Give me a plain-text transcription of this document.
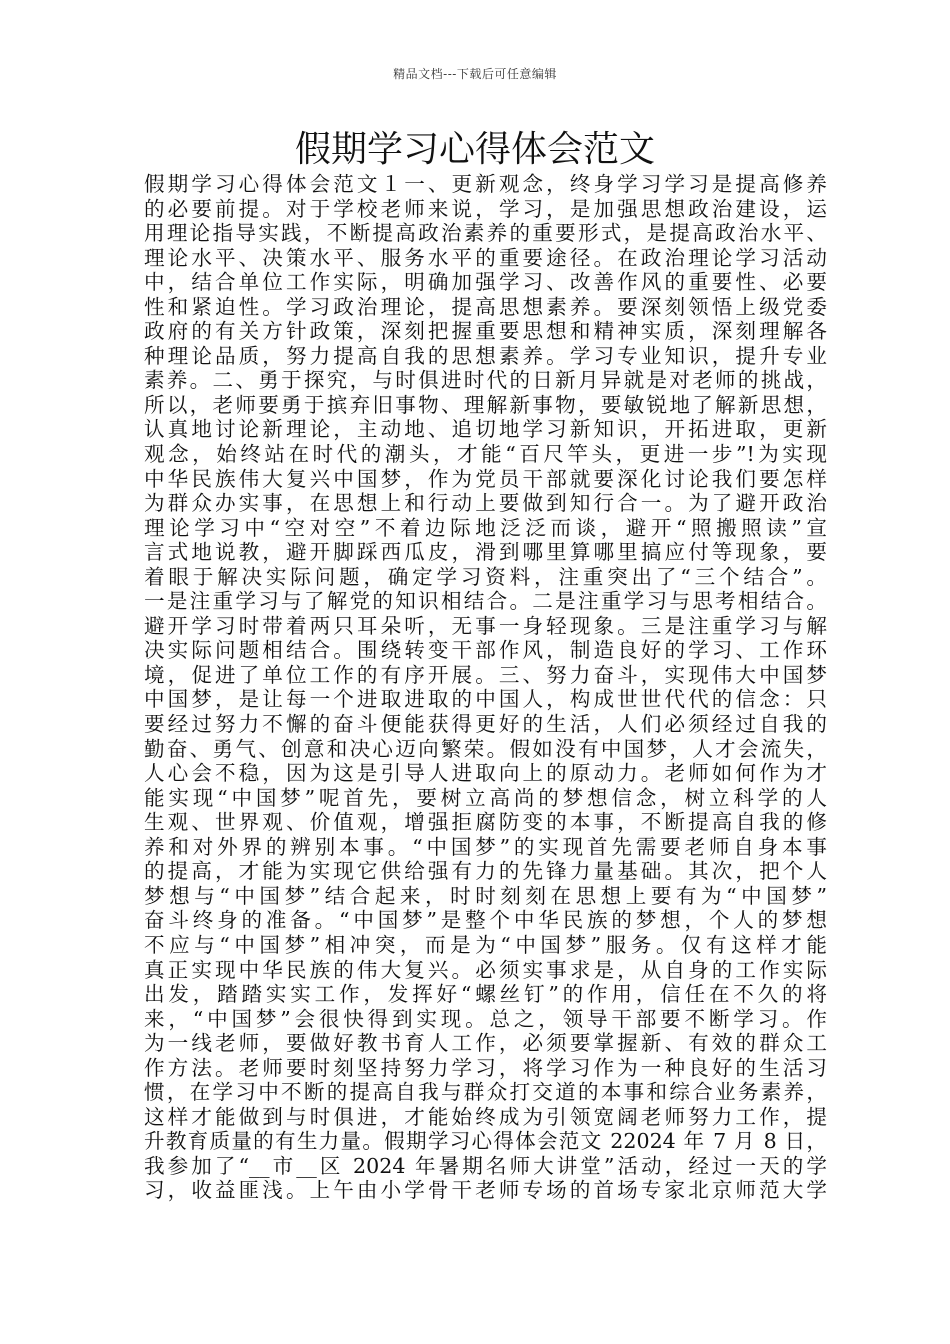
精品文档---下载后可任意编辑
假期学习心得体会范文
假期学习心得体会范文１一、更新观念，终身学习学习是提高修养
的必要前提。对于学校老师来说，学习，是加强思想政治建设，运
用理论指导实践，不断提高政治素养的重要形式，是提高政治水平、
理论水平、决策水平、服务水平的重要途径。在政治理论学习活动
中，结合单位工作实际，明确加强学习、改善作风的重要性、必要
性和紧迫性。学习政治理论，提高思想素养。要深刻领悟上级党委
政府的有关方针政策，深刻把握重要思想和精神实质，深刻理解各
种理论品质，努力提高自我的思想素养。学习专业知识，提升专业
素养。二、勇于探究，与时俱进时代的日新月异就是对老师的挑战，
所以，老师要勇于摈弃旧事物、理解新事物，要敏锐地了解新思想，
认真地讨论新理论，主动地、追切地学习新知识，开拓进取，更新
观念，始终站在时代的潮头，才能“百尺竿头，更进一步”!为实现
中华民族伟大复兴中国梦，作为党员干部就要深化讨论我们要怎样
为群众办实事，在思想上和行动上要做到知行合一。为了避开政治
理论学习中“空对空”不着边际地泛泛而谈，避开“照搬照读”宣
言式地说教，避开脚踩西瓜皮，滑到哪里算哪里搞应付等现象，要
着眼于解决实际问题，确定学习资料，注重突出了“三个结合”。
一是注重学习与了解党的知识相结合。二是注重学习与思考相结合。
避开学习时带着两只耳朵听，无事一身轻现象。三是注重学习与解
决实际问题相结合。围绕转变干部作风，制造良好的学习、工作环
境，促进了单位工作的有序开展。三、努力奋斗，实现伟大中国梦
中国梦，是让每一个进取进取的中国人，构成世世代代的信念：只
要经过努力不懈的奋斗便能获得更好的生活，人们必须经过自我的
勤奋、勇气、创意和决心迈向繁荣。假如没有中国梦，人才会流失，
人心会不稳，因为这是引导人进取向上的原动力。老师如何作为才
能实现“中国梦”呢首先，要树立高尚的梦想信念，树立科学的人
生观、世界观、价值观，增强拒腐防变的本事，不断提高自我的修
养和对外界的辨别本事。“中国梦”的实现首先需要老师自身本事
的提高，才能为实现它供给强有力的先锋力量基础。其次，把个人
梦想与“中国梦”结合起来，时时刻刻在思想上要有为“中国梦”
奋斗终身的准备。“中国梦”是整个中华民族的梦想，个人的梦想
不应与“中国梦”相冲突，而是为“中国梦”服务。仅有这样才能
真正实现中华民族的伟大复兴。必须实事求是，从自身的工作实际
出发，踏踏实实工作，发挥好“螺丝钉”的作用，信任在不久的将
来，“中国梦”会很快得到实现。总之，领导干部要不断学习。作
为一线老师，要做好教书育人工作，必须要掌握新、有效的群众工
作方法。老师要时刻坚持努力学习，将学习作为一种良好的生活习
惯，在学习中不断的提高自我与群众打交道的本事和综合业务素养，
这样才能做到与时俱进，才能始终成为引领宽阔老师努力工作，提
升教育质量的有生力量。假期学习心得体会范文 22024 年 7 月 8 日，
我参加了“__市__区 2024 年暑期名师大讲堂”活动，经过一天的学
习，收益匪浅。上午由小学骨干老师专场的首场专家北京师范大学
